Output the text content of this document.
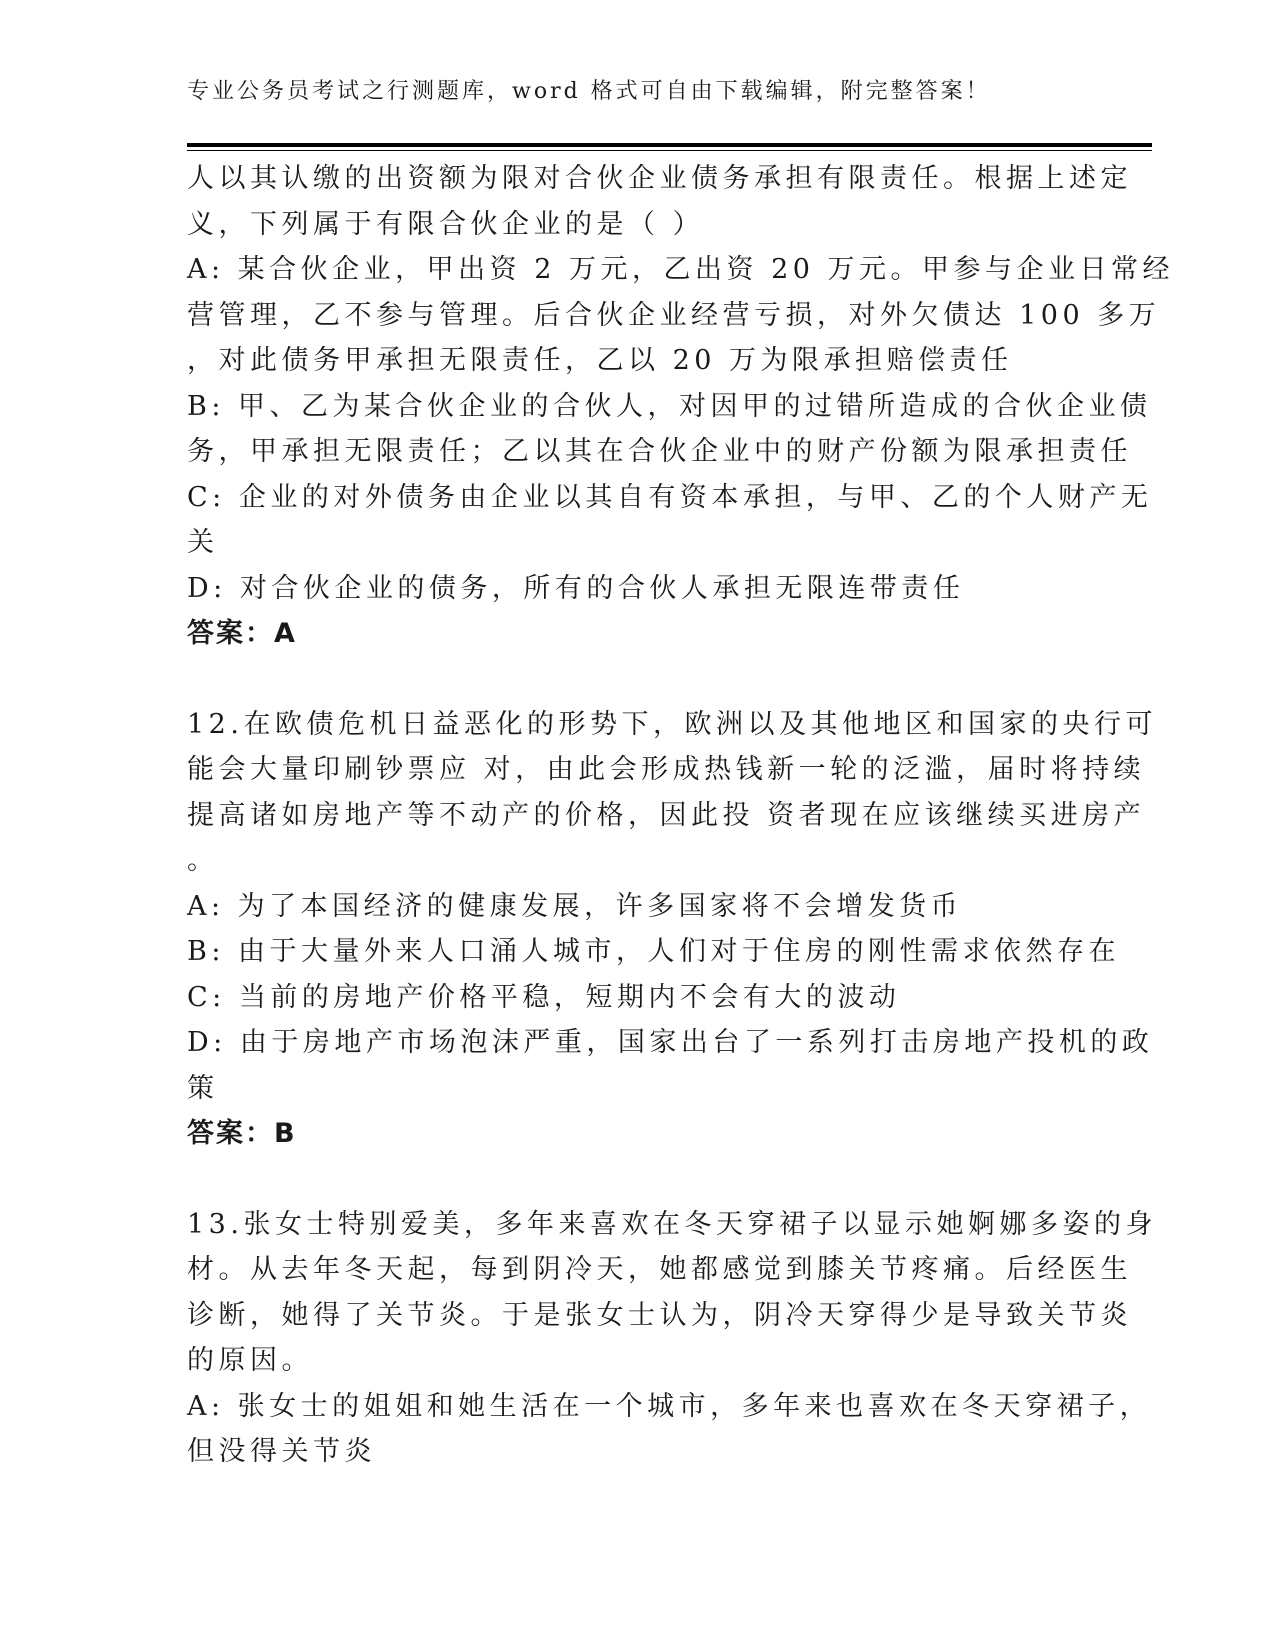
专业公务员考试之行测题库，word 格式可自由下载编辑，附完整答案！
人以其认缴的出资额为限对合伙企业债务承担有限责任。根据上述定
义，下列属于有限合伙企业的是（ ）
A: 某合伙企业，甲出资 2 万元，乙出资 20 万元。甲参与企业日常经
营管理，乙不参与管理。后合伙企业经营亏损，对外欠债达 100 多万
，对此债务甲承担无限责任，乙以 20 万为限承担赔偿责任
B: 甲、乙为某合伙企业的合伙人，对因甲的过错所造成的合伙企业债
务，甲承担无限责任；乙以其在合伙企业中的财产份额为限承担责任
C: 企业的对外债务由企业以其自有资本承担，与甲、乙的个人财产无
关
D: 对合伙企业的债务，所有的合伙人承担无限连带责任
答案：A
12.在欧债危机日益恶化的形势下，欧洲以及其他地区和国家的央行可
能会大量印刷钞票应 对，由此会形成热钱新一轮的泛滥，届时将持续
提高诸如房地产等不动产的价格，因此投 资者现在应该继续买进房产
。
A: 为了本国经济的健康发展，许多国家将不会增发货币
B: 由于大量外来人口涌人城市，人们对于住房的刚性需求依然存在
C: 当前的房地产价格平稳，短期内不会有大的波动
D: 由于房地产市场泡沫严重，国家出台了一系列打击房地产投机的政
策
答案：B
13.张女士特别爱美，多年来喜欢在冬天穿裙子以显示她婀娜多姿的身
材。从去年冬天起，每到阴冷天，她都感觉到膝关节疼痛。后经医生
诊断，她得了关节炎。于是张女士认为，阴冷天穿得少是导致关节炎
的原因。
A: 张女士的姐姐和她生活在一个城市，多年来也喜欢在冬天穿裙子，
但没得关节炎
